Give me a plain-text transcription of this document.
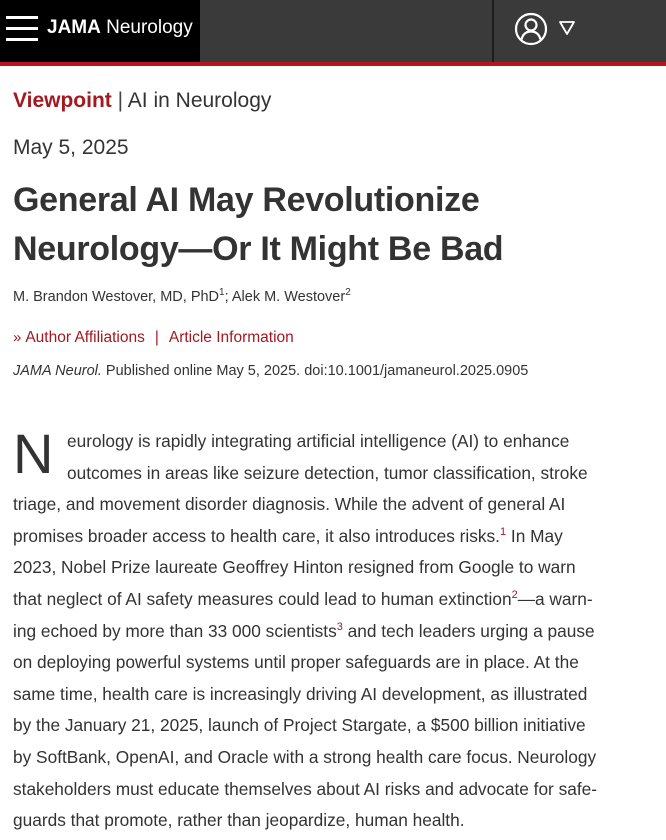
JAMA Neurology
Viewpoint | AI in Neurology
May 5, 2025
General AI May Revolutionize
Neurology—Or It Might Be Bad
M. Brandon Westover, MD, PhD$^1$; Alek M. Westover$^2$
» Author Affiliations | Article Information
JAMA Neurol. Published online May 5, 2025. doi:10.1001/jamaneurol.2025.0905
N eurology is rapidly integrating artificial intelligence (AI) to enhance
outcomes in areas like seizure detection, tumor classification, stroke
triage, and movement disorder diagnosis. While the advent of general AI
promises broader access to health care, it also introduces risks.$^1$ In May
2023, Nobel Prize laureate Geoffrey Hinton resigned from Google to warn
that neglect of AI safety measures could lead to human extinction$^2$—a warn-
ing echoed by more than 33 000 scientists$^3$ and tech leaders urging a pause
on deploying powerful systems until proper safeguards are in place. At the
same time, health care is increasingly driving AI development, as illustrated
by the January 21, 2025, launch of Project Stargate, a $500 billion initiative
by SoftBank, OpenAI, and Oracle with a strong health care focus. Neurology
stakeholders must educate themselves about AI risks and advocate for safe-
guards that promote, rather than jeopardize, human health.
